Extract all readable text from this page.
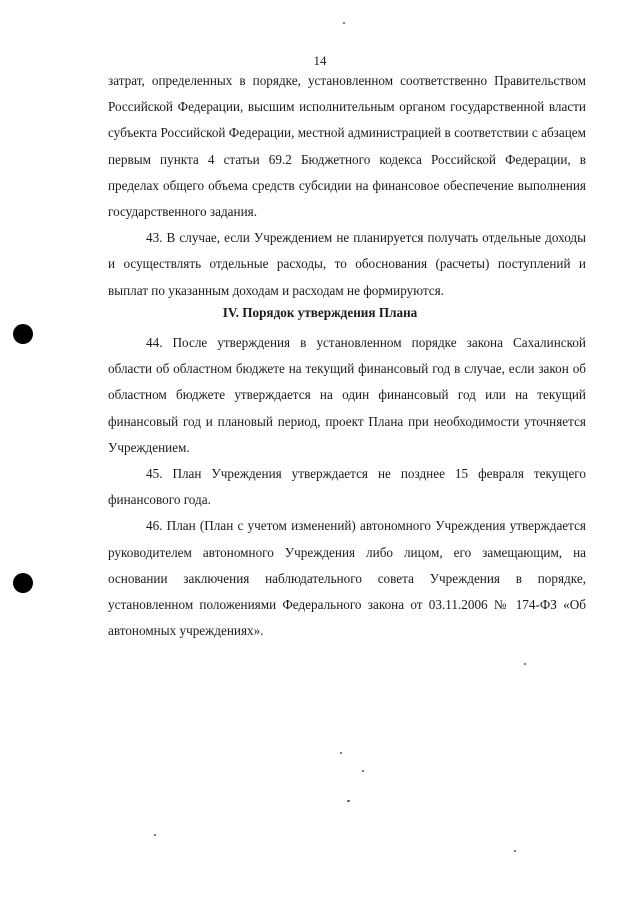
14

затрат, определенных в порядке, установленном соответственно Правительством Российской Федерации, высшим исполнительным органом государственной власти субъекта Российской Федерации, местной администрацией в соответствии с абзацем первым пункта 4 статьи 69.2 Бюджетного кодекса Российской Федерации, в пределах общего объема средств субсидии на финансовое обеспечение выполнения государственного задания.

43. В случае, если Учреждением не планируется получать отдельные доходы и осуществлять отдельные расходы, то обоснования (расчеты) поступлений и выплат по указанным доходам и расходам не формируются.

IV. Порядок утверждения Плана

44. После утверждения в установленном порядке закона Сахалинской области об областном бюджете на текущий финансовый год в случае, если закон об областном бюджете утверждается на один финансовый год или на текущий финансовый год и плановый период, проект Плана при необходимости уточняется Учреждением.

45. План Учреждения утверждается не позднее 15 февраля текущего финансового года.

46. План (План с учетом изменений) автономного Учреждения утверждается руководителем автономного Учреждения либо лицом, его замещающим, на основании заключения наблюдательного совета Учреждения в порядке, установленном положениями Федерального закона от 03.11.2006 № 174-ФЗ «Об автономных учреждениях».
